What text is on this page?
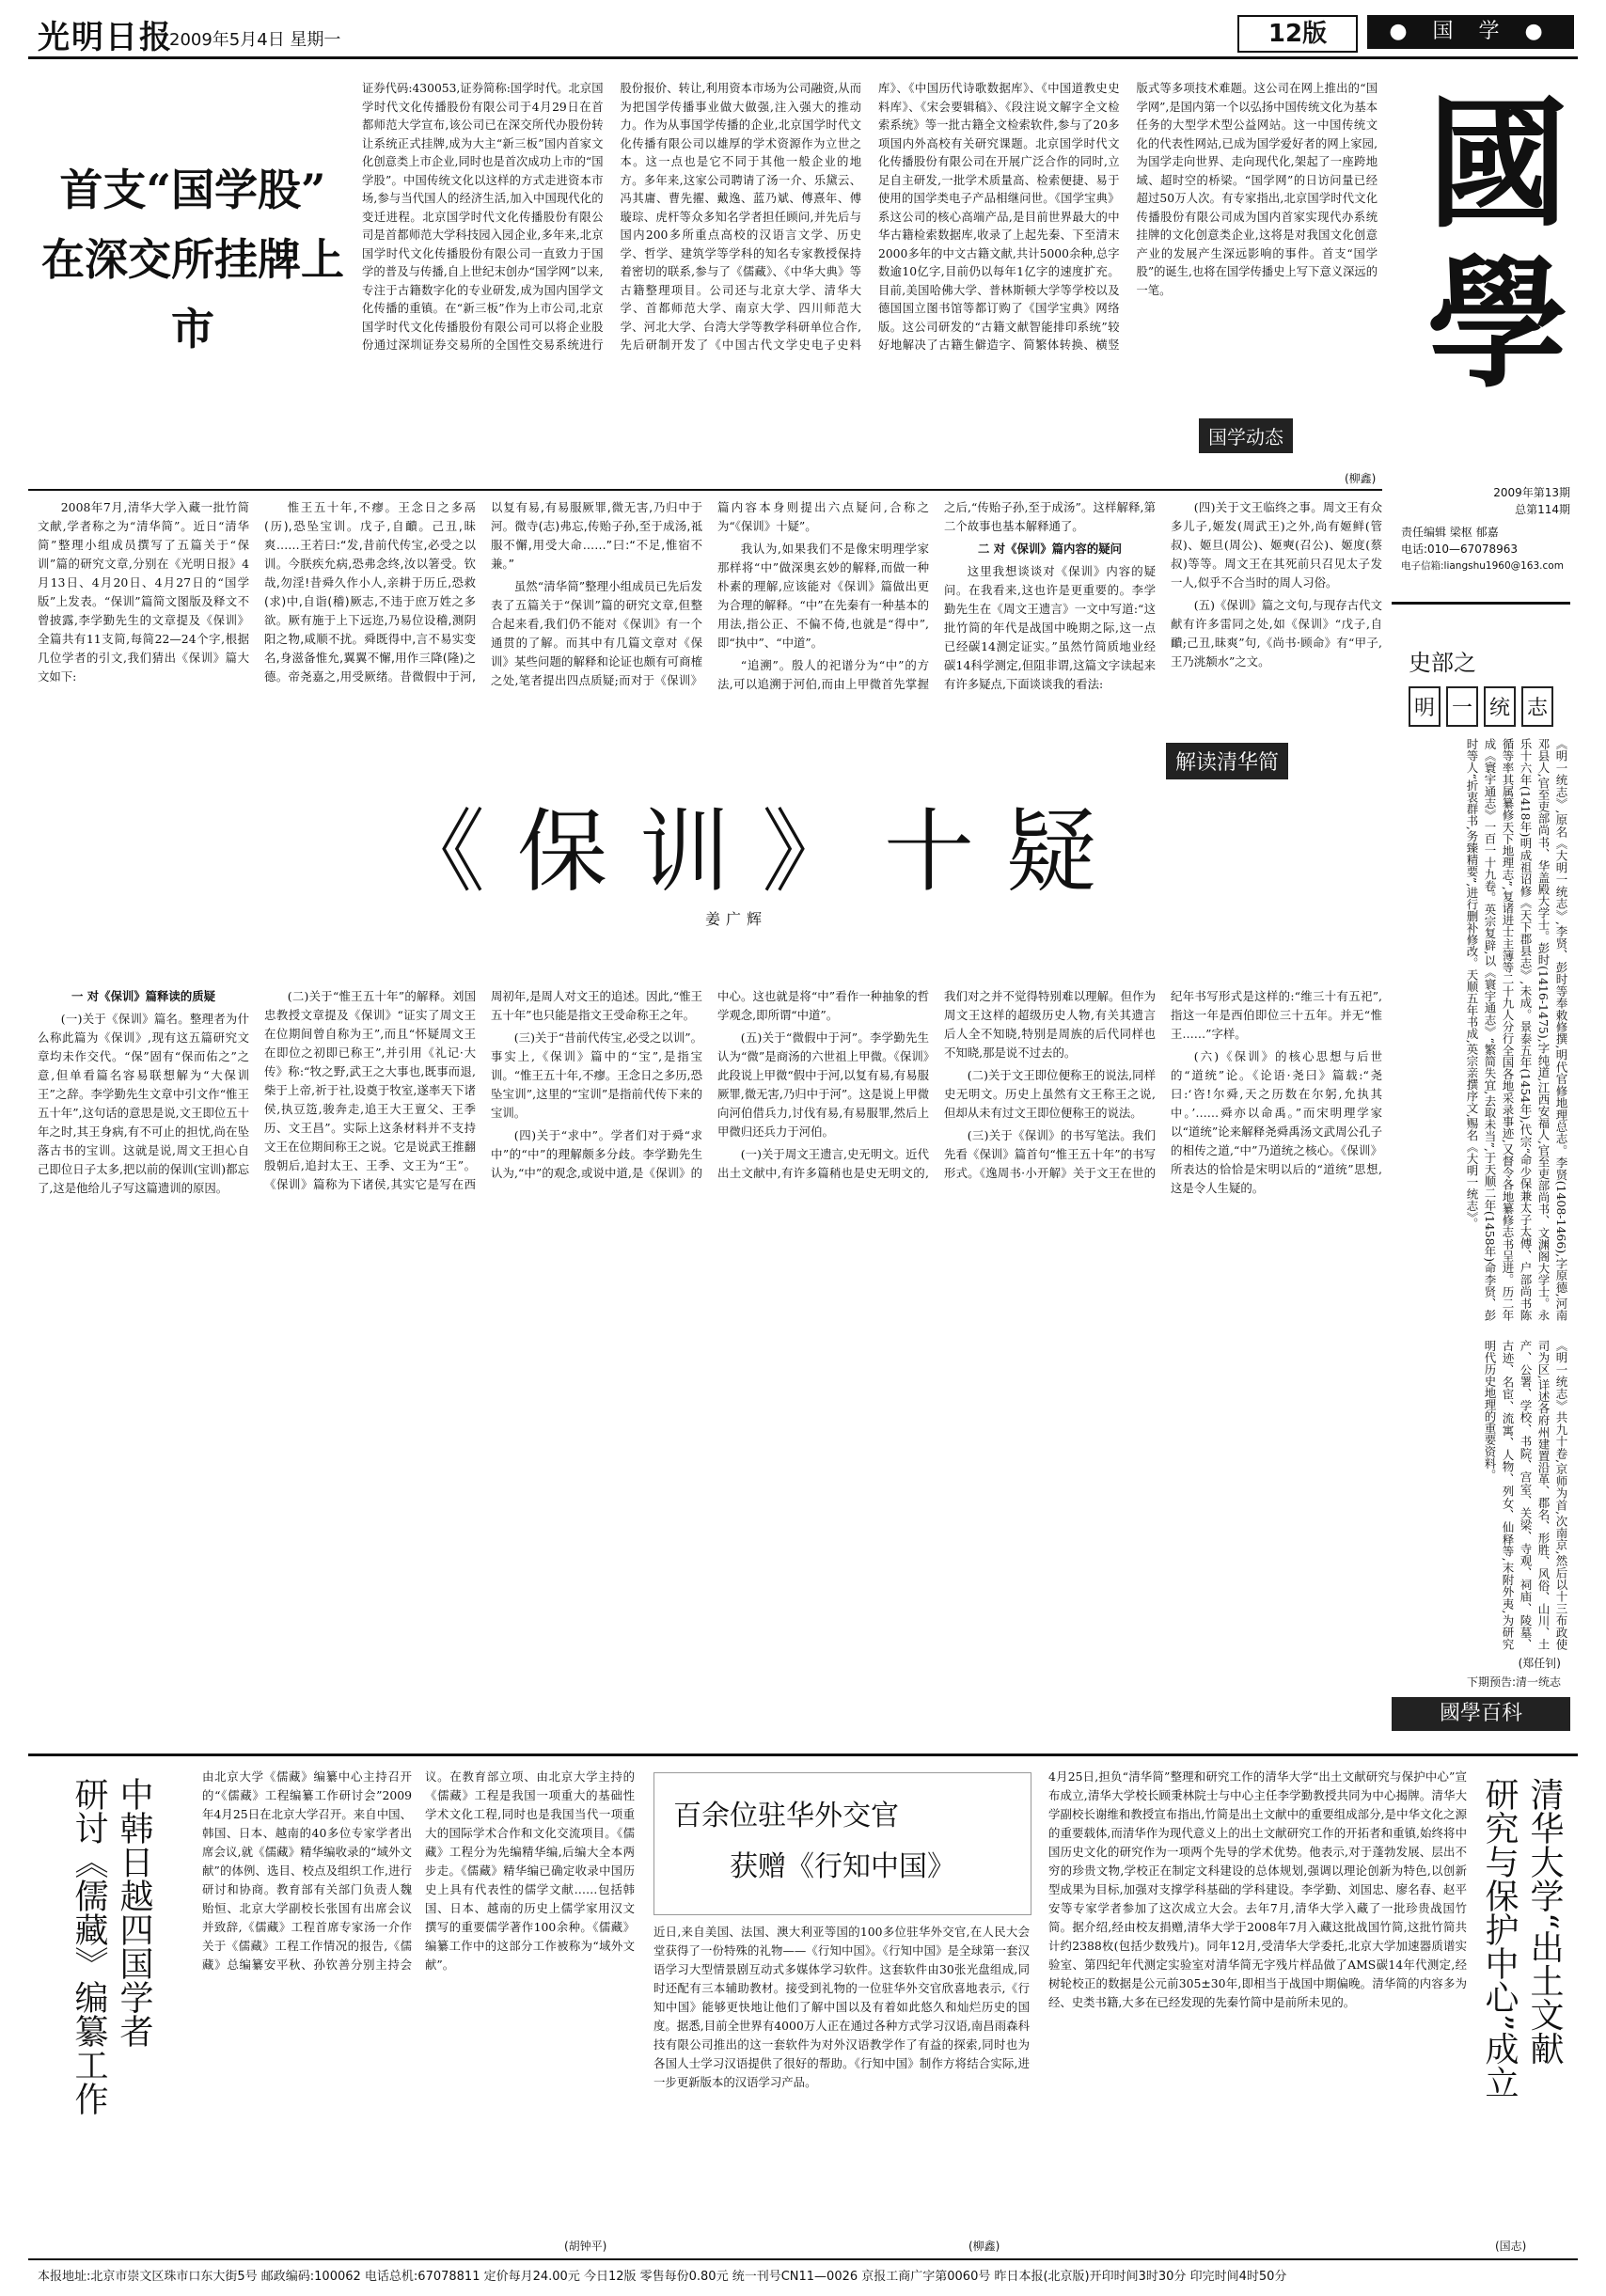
光明日报
2009年5月4日 星期一	12版	● 国 学 ●
國學
2009年第13期
总第114期
责任编辑 梁枢 郁嘉
电话:010—67078963
电子信箱:liangshu1960@163.com
史部之
明 一 统 志
《明一统志》,原名《大明一统志》,李贤、彭时等奉敕修撰,明代官修地理总志。李贤(1408-1466),字原德,河南邓县人,官至吏部尚书、华盖殿大学士。彭时(1416-1475),字纯道,江西安福人,官至吏部尚书、文渊阁大学士。永乐十六年(1418年)明成祖诏修《天下郡县志》,未成。景泰五年(1454年),代宗“命少保兼太子太傅、户部尚书陈循等率其属纂修天下地理志”,复诸进士主簿等二十九人分行全国各地采录事迹,又督令各地纂修志书呈进。历二年成《寰宇通志》一百一十九卷。英宗复辟,以《寰宇通志》“繁简失宜,去取未当”,于天顺二年(1458年)命李贤、彭时等人“折衷群书,务臻精要”,进行删补修改。天顺五年书成,英宗亲撰序文,赐名《大明一统志》。
《明一统志》共九十卷,京师为首,次南京,然后以十三布政使司为区,详述各府州建置沿革、郡名、形胜、风俗、山川、土产、公署、学校、书院、宫室、关梁、寺观、祠庙、陵墓、古迹、名宦、流寓、人物、列女、仙释等,末附外夷,为研究明代历史地理的重要资料。
(郑任钊)
下期预告:清一统志
國學百科
首支“国学股”
在深交所挂牌上市
证券代码:430053,证券简称:国学时代。北京国学时代文化传播股份有限公司于4月29日在首都师范大学宣布,该公司已在深交所代办股份转让系统正式挂牌,成为大主“新三板”国内首家文化创意类上市企业,同时也是首次成功上市的“国学股”。中国传统文化以这样的方式走进资本市场,参与当代国人的经济生活,加入中国现代化的变迁进程。北京国学时代文化传播股份有限公司是首都师范大学科技园入园企业,多年来,北京国学时代文化传播股份有限公司一直致力于国学的普及与传播,自上世纪末创办“国学网”以来,专注于古籍数字化的专业研发,成为国内国学文化传播的重镇。在“新三板”作为上市公司,北京国学时代文化传播股份有限公司可以将企业股份通过深圳证券交易所的全国性交易系统进行股份报价、转让,利用资本市场为公司融资,从而为把国学传播事业做大做强,注入强大的推动力。作为从事国学传播的企业,北京国学时代文化传播有限公司以雄厚的学术资源作为立世之本。这一点也是它不同于其他一般企业的地方。多年来,这家公司聘请了汤一介、乐黛云、冯其庸、曹先擢、戴逸、蓝乃斌、傅熹年、傅璇琮、虎杆等众多知名学者担任顾问,并先后与国内200多所重点高校的汉语言文学、历史学、哲学、建筑学等学科的知名专家教授保持着密切的联系,参与了《儒藏》、《中华大典》等古籍整理项目。公司还与北京大学、清华大学、首都师范大学、南京大学、四川师范大学、河北大学、台湾大学等教学科研单位合作,先后研制开发了《中国古代文学史电子史料库》、《中国历代诗歌数据库》、《中国道教史史料库》、《宋会要辑稿》、《段注说文解字全文检索系统》等一批古籍全文检索软件,参与了20多项国内外高校有关研究课题。北京国学时代文化传播股份有限公司在开展广泛合作的同时,立足自主研发,一批学术质量高、检索便捷、易于使用的国学类电子产品相继问世。《国学宝典》系这公司的核心高端产品,是目前世界最大的中华古籍检索数据库,收录了上起先秦、下至清末2000多年的中文古籍文献,共计5000余种,总字数逾10亿字,目前仍以每年1亿字的速度扩充。目前,美国哈佛大学、普林斯顿大学等学校以及德国国立图书馆等都订购了《国学宝典》网络版。这公司研发的“古籍文献智能排印系统”较好地解决了古籍生僻造字、简繁体转换、横竖版式等多项技术难题。这公司在网上推出的“国学网”,是国内第一个以弘扬中国传统文化为基本任务的大型学术型公益网站。这一中国传统文化的代表性网站,已成为国学爱好者的网上家园,为国学走向世界、走向现代化,架起了一座跨地域、超时空的桥梁。“国学网”的日访问量已经超过50万人次。有专家指出,北京国学时代文化传播股份有限公司成为国内首家实现代办系统挂牌的文化创意类企业,这将是对我国文化创意产业的发展产生深远影响的事件。首支“国学股”的诞生,也将在国学传播史上写下意义深远的一笔。
国学动态
(柳鑫)

2008年7月,清华大学入藏一批竹简文献,学者称之为“清华简”。近日“清华简”整理小组成员撰写了五篇关于“保训”篇的研究文章,分别在《光明日报》4月13日、4月20日、4月27日的“国学版”上发表。“保训”篇简文图版及释文不曾披露,李学勤先生的文章提及《保训》全篇共有11支简,每简22—24个字,根据几位学者的引文,我们猜出《保训》篇大文如下:

惟王五十年,不瘳。王念日之多鬲(历),恐坠宝训。戊子,自靧。己丑,昧爽……王若曰:“发,昔前代传宝,必受之以训。今朕疾允病,恐弗念终,汝以箸受。钦哉,勿淫!昔舜久作小人,亲耕于历丘,恐救(求)中,自诣(稽)厥志,不违于庶万姓之多欲。厥有施于上下远迩,乃易位设稽,测阴阳之物,咸顺不扰。舜既得中,言不易实变名,身滋备惟允,翼翼不懈,用作三降(隆)之德。帝尧嘉之,用受厥绪。昔微假中于河,以复有易,有易服厥罪,微无害,乃归中于河。微寺(志)弗忘,传贻子孙,至于成汤,祗服不懈,用受大命……”曰:“不足,惟宿不兼。”

虽然“清华简”整理小组成员已先后发表了五篇关于“保训”篇的研究文章,但整合起来看,我们仍不能对《保训》有一个通贯的了解。而其中有几篇文章对《保训》某些问题的解释和论证也颇有可商榷之处,笔者提出四点质疑;而对于《保训》篇内容本身则提出六点疑问,合称之为“《保训》十疑”。

我认为,如果我们不是像宋明理学家那样将“中”做深奥玄妙的解释,而做一种朴素的理解,应该能对《保训》篇做出更为合理的解释。“中”在先秦有一种基本的用法,指公正、不偏不倚,也就是“得中”,即“执中”、“中道”。

“追溯”。殷人的祀谱分为“中”的方法,可以追溯于河伯,而由上甲微首先掌握之后,“传贻子孙,至于成汤”。这样解释,第二个故事也基本解释通了。

二 对《保训》篇内容的疑问

这里我想谈谈对《保训》内容的疑问。在我看来,这也许是更重要的。李学勤先生在《周文王遗言》一文中写道:“这批竹简的年代是战国中晚期之际,这一点已经碳14测定证实。”虽然竹简质地业经碳14科学测定,但阻非谓,这篇文字读起来有许多疑点,下面谈谈我的看法:

(四)关于文王临终之事。周文王有众多儿子,姬发(周武王)之外,尚有姬鲜(管叔)、姬旦(周公)、姬奭(召公)、姬度(蔡叔)等等。周文王在其死前只召见太子发一人,似乎不合当时的周人习俗。

(五)《保训》篇之文句,与现存古代文献有许多雷同之处,如《保训》“戊子,自靧;己丑,昧爽”句,《尚书·顾命》有“甲子,王乃洮颒水”之文。

解读清华简
《保训》十疑
姜广辉

一 对《保训》篇释读的质疑

(一)关于《保训》篇名。整理者为什么称此篇为《保训》,现有这五篇研究文章均未作交代。“保”固有“保而佑之”之意,但单看篇名容易联想解为“大保训王”之辞。李学勤先生文章中引文作“惟王五十年”,这句话的意思是说,文王即位五十年之时,其王身病,有不可止的担忧,尚在坠落古书的宝训。这就是说,周文王担心自己即位日子太多,把以前的保训(宝训)都忘了,这是他给儿子写这篇遗训的原因。

(二)关于“惟王五十年”的解释。刘国忠教授文章提及《保训》“证实了周文王在位期间曾自称为王”,而且“怀疑周文王在即位之初即已称王”,并引用《礼记·大传》称:“牧之野,武王之大事也,既事而退,柴于上帝,祈于社,设奠于牧室,遂率天下诸侯,执豆笾,骏奔走,追王大王亶父、王季历、文王昌”。实际上这条材料并不支持文王在位期间称王之说。它是说武王推翻殷朝后,追封太王、王季、文王为“王”。《保训》篇称为下诸侯,其实它是写在西周初年,是周人对文王的追述。因此,“惟王五十年”也只能是指文王受命称王之年。

(三)关于“昔前代传宝,必受之以训”。事实上,《保训》篇中的“宝”,是指宝训。“惟王五十年,不瘳。王念日之多历,恐坠宝训”,这里的“宝训”是指前代传下来的宝训。

(四)关于“求中”。学者们对于舜“求中”的“中”的理解颇多分歧。李学勤先生认为,“中”的观念,或说中道,是《保训》的中心。这也就是将“中”看作一种抽象的哲学观念,即所谓“中道”。

(五)关于“微假中于河”。李学勤先生认为“微”是商汤的六世祖上甲微。《保训》此段说上甲微“假中于河,以复有易,有易服厥罪,微无害,乃归中于河”。这是说上甲微向河伯借兵力,讨伐有易,有易服罪,然后上甲微归还兵力于河伯。

(一)关于周文王遗言,史无明文。近代出土文献中,有许多篇稍也是史无明文的,我们对之并不觉得特别难以理解。但作为周文王这样的超级历史人物,有关其遗言后人全不知晓,特别是周族的后代同样也不知晓,那是说不过去的。

(二)关于文王即位便称王的说法,同样史无明文。历史上虽然有文王称王之说,但却从未有过文王即位便称王的说法。

(三)关于《保训》的书写笔法。我们先看《保训》篇首句“惟王五十年”的书写形式。《逸周书·小开解》关于文王在世的纪年书写形式是这样的:“维三十有五祀”,指这一年是西伯即位三十五年。并无“惟王……”字样。

(六)《保训》的核心思想与后世的“道统”论。《论语·尧曰》篇载:“尧曰:‘咨!尔舜,天之历数在尔躬,允执其中。’……舜亦以命禹。”而宋明理学家以“道统”论来解释尧舜禹汤文武周公孔子的相传之道,“中”乃道统之核心。《保训》所表达的恰恰是宋明以后的“道统”思想,这是令人生疑的。

中韩日越四国学者
研讨《儒藏》编纂工作
由北京大学《儒藏》编纂中心主持召开的“《儒藏》工程编纂工作研讨会”2009年4月25日在北京大学召开。来自中国、韩国、日本、越南的40多位专家学者出席会议,就《儒藏》精华编收录的“域外文献”的体例、选目、校点及组织工作,进行研讨和协商。教育部有关部门负责人魏贻恒、北京大学副校长张国有出席会议并致辞,《儒藏》工程首席专家汤一介作关于《儒藏》工程工作情况的报告,《儒藏》总编纂安平秋、孙钦善分别主持会议。在教育部立项、由北京大学主持的《儒藏》工程是我国一项重大的基础性学术文化工程,同时也是我国当代一项重大的国际学术合作和文化交流项目。《儒藏》工程分为先编精华编,后编大全本两步走。《儒藏》精华编已确定收录中国历史上具有代表性的儒学文献……包括韩国、日本、越南的历史上儒学家用汉文撰写的重要儒学著作100余种。《儒藏》编纂工作中的这部分工作被称为“域外文献”。
(胡钟平)
百余位驻华外交官
获赠《行知中国》
近日,来自美国、法国、澳大利亚等国的100多位驻华外交官,在人民大会堂获得了一份特殊的礼物——《行知中国》。《行知中国》是全球第一套汉语学习大型情景剧互动式多媒体学习软件。这套软件由30张光盘组成,同时还配有三本辅助教材。接受到礼物的一位驻华外交官欣喜地表示,《行知中国》能够更快地让他们了解中国以及有着如此悠久和灿烂历史的国度。据悉,目前全世界有4000万人正在通过各种方式学习汉语,南昌雨森科技有限公司推出的这一套软件为对外汉语教学作了有益的探索,同时也为各国人士学习汉语提供了很好的帮助。《行知中国》制作方将结合实际,进一步更新版本的汉语学习产品。
(柳鑫)
4月25日,担负“清华简”整理和研究工作的清华大学“出土文献研究与保护中心”宣布成立,清华大学校长顾秉林院士与中心主任李学勤教授共同为中心揭牌。清华大学副校长谢维和教授宣布指出,竹简是出土文献中的重要组成部分,是中华文化之源的重要载体,而清华作为现代意义上的出土文献研究工作的开拓者和重镇,始终将中国历史文化的研究作为一项两个先导的学术优势。他表示,对于蓬勃发展、层出不穷的珍贵文物,学校正在制定文科建设的总体规划,强调以理论创新为特色,以创新型成果为目标,加强对支撑学科基础的学科建设。李学勤、刘国忠、廖名春、赵平安等专家学者参加了这次成立大会。去年7月,清华大学入藏了一批珍贵战国竹简。据介绍,经由校友捐赠,清华大学于2008年7月入藏这批战国竹简,这批竹简共计约2388枚(包括少数残片)。同年12月,受清华大学委托,北京大学加速器质谱实验室、第四纪年代测定实验室对清华简无字残片样品做了AMS碳14年代测定,经树轮校正的数据是公元前305±30年,即相当于战国中期偏晚。清华简的内容多为经、史类书籍,大多在已经发现的先秦竹简中是前所未见的。	清华大学“出土文献
研究与保护中心”成立
(国志)
本报地址:北京市崇文区珠市口东大街5号 邮政编码:100062 电话总机:67078811 定价每月24.00元 今日12版 零售每份0.80元 统一刊号CN11—0026 京报工商广字第0060号 昨日本报(北京版)开印时间3时30分 印完时间4时50分
